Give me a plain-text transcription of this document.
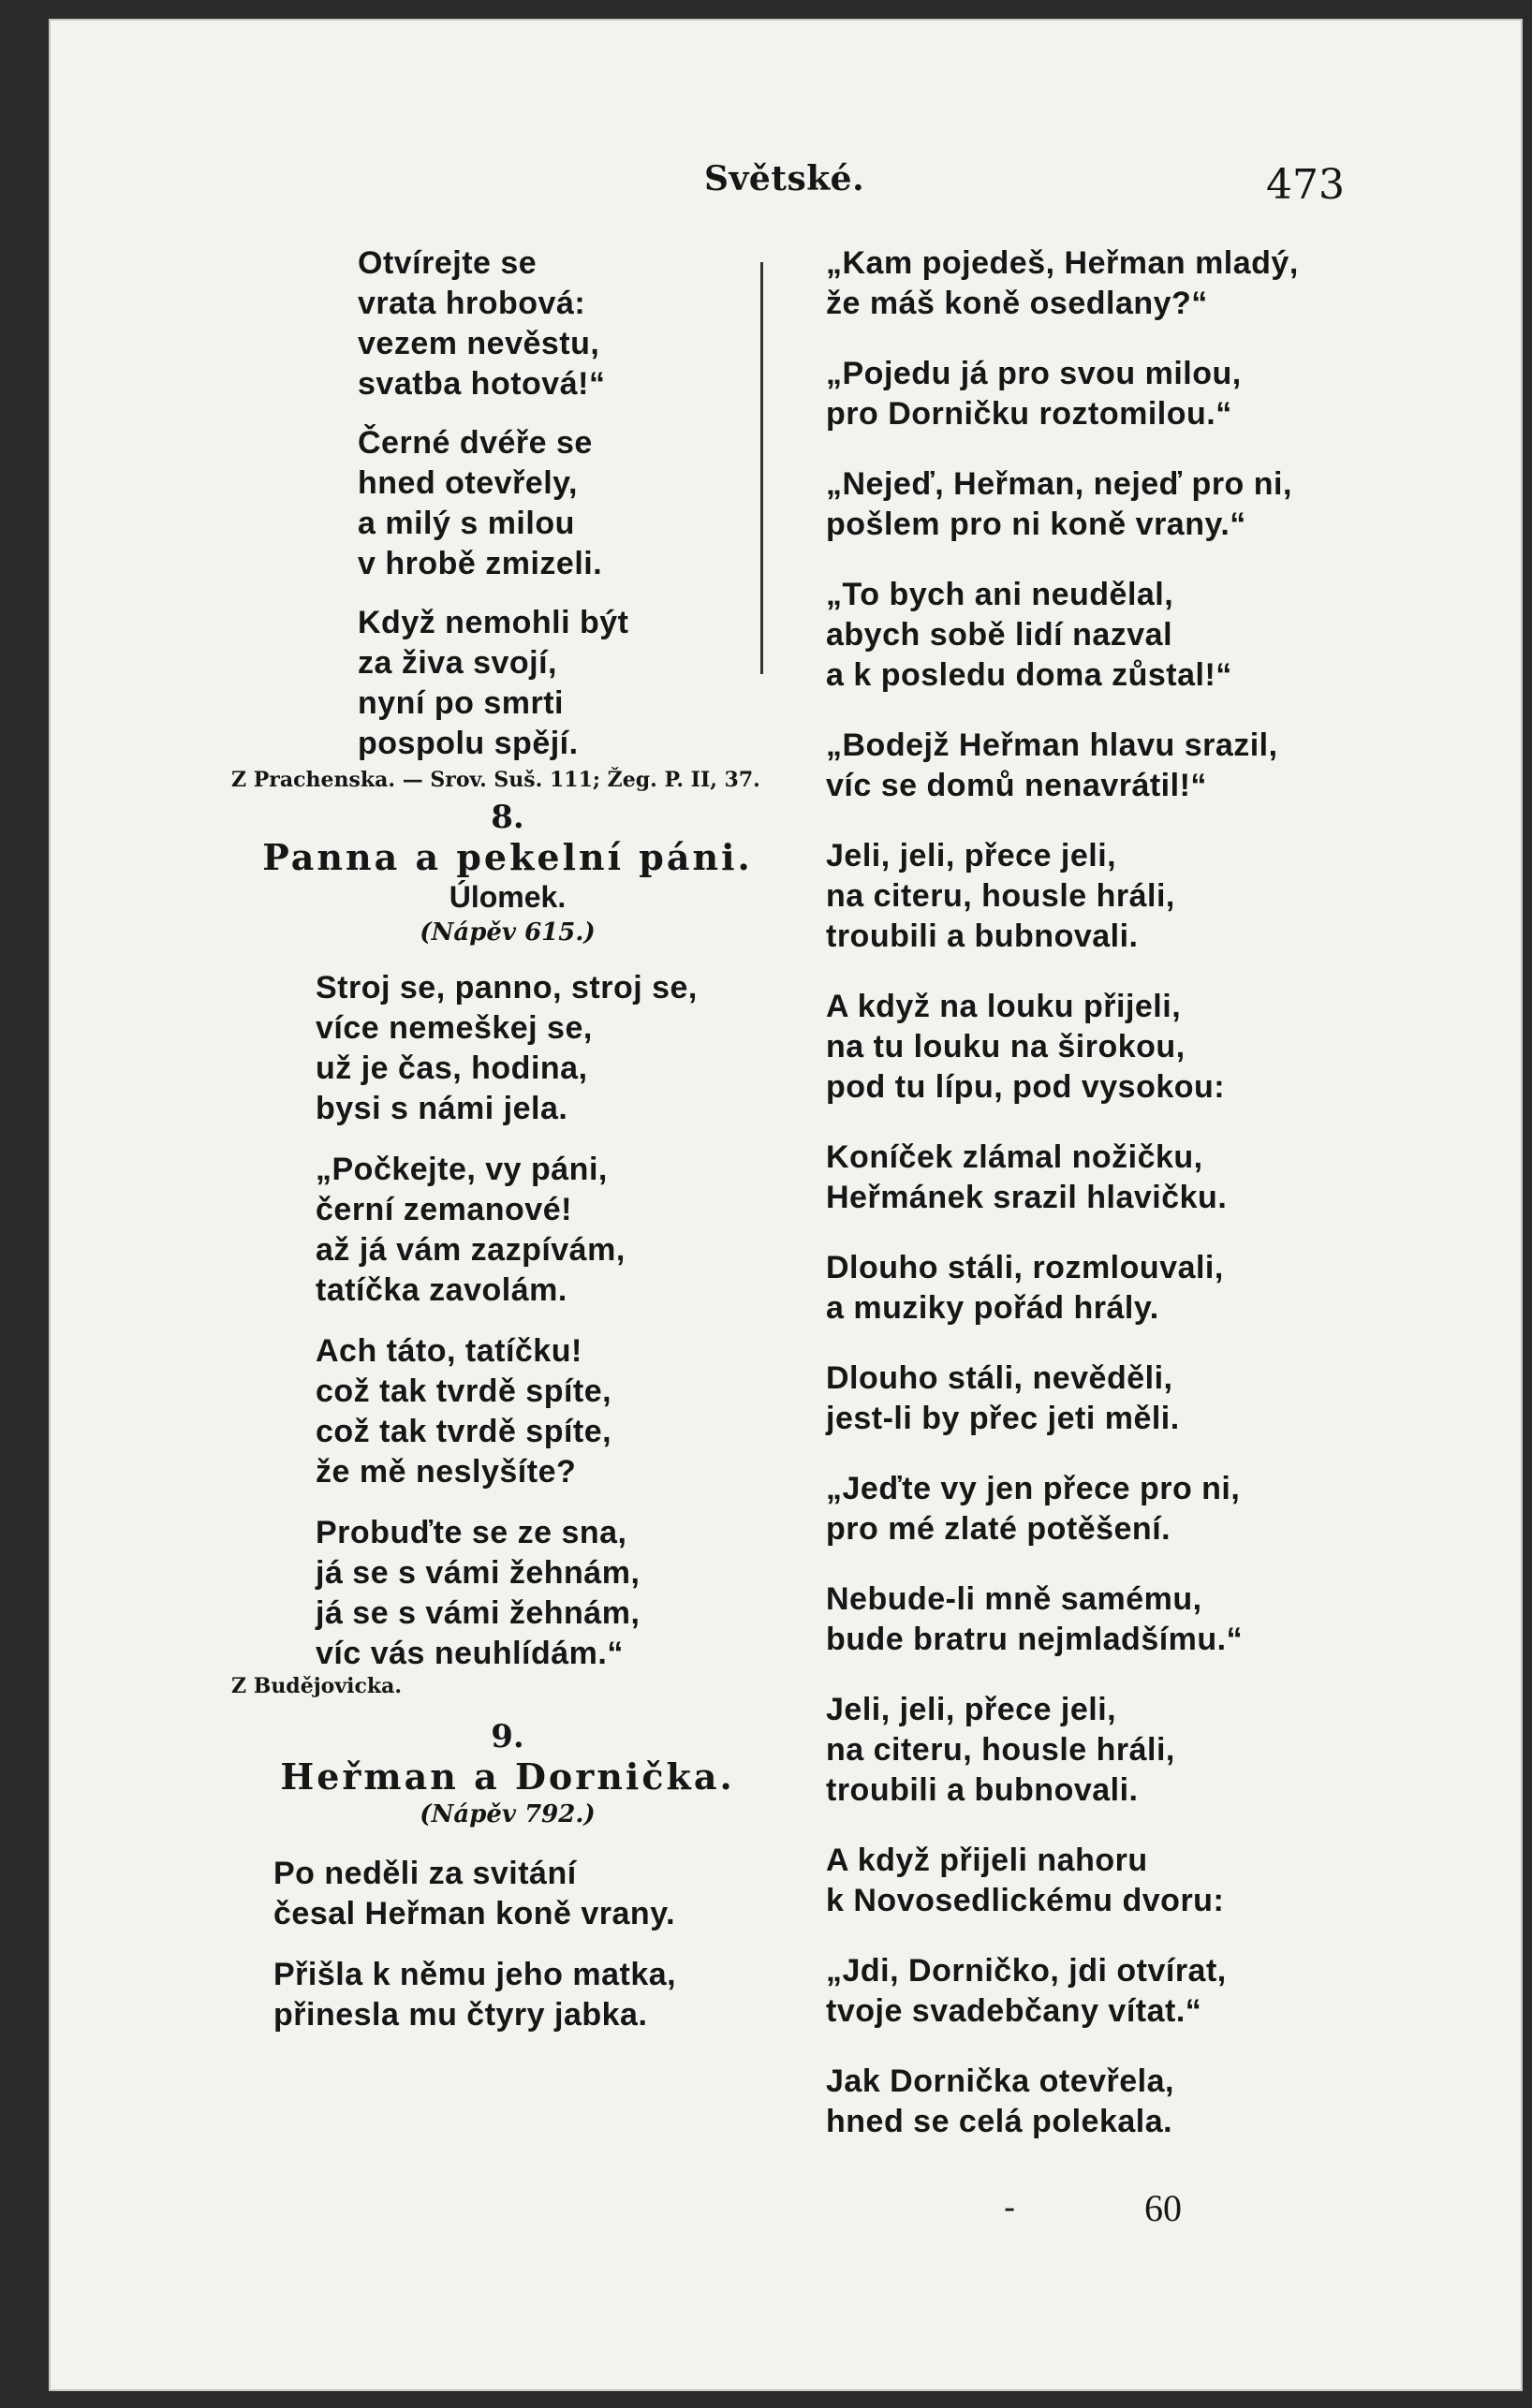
Světské.	473
Otvírejte se
vrata hrobová:
vezem nevěstu,
svatba hotová!“
Černé dvéře se
hned otevřely,
a milý s milou
v hrobě zmizeli.
Když nemohli být
za živa svojí,
nyní po smrti
pospolu spějí.
Z Prachenska. — Srov. Suš. 111; Žeg. P. II, 37.
8.
Panna a pekelní páni.
Úlomek.
(Nápěv 615.)
Stroj se, panno, stroj se,
více nemeškej se,
už je čas, hodina,
bysi s námi jela.
„Počkejte, vy páni,
černí zemanové!
až já vám zazpívám,
tatíčka zavolám.
Ach táto, tatíčku!
což tak tvrdě spíte,
což tak tvrdě spíte,
že mě neslyšíte?
Probuďte se ze sna,
já se s vámi žehnám,
já se s vámi žehnám,
víc vás neuhlídám.“
Z Budějovicka.
9.
Heřman a Dornička.
(Nápěv 792.)
Po neděli za svitání
česal Heřman koně vrany.
Přišla k němu jeho matka,
přinesla mu čtyry jabka.
„Kam pojedeš, Heřman mladý,
že máš koně osedlany?“
„Pojedu já pro svou milou,
pro Dorničku roztomilou.“
„Nejeď, Heřman, nejeď pro ni,
pošlem pro ni koně vrany.“
„To bych ani neudělal,
abych sobě lidí nazval
a k posledu doma zůstal!“
„Bodejž Heřman hlavu srazil,
víc se domů nenavrátil!“
Jeli, jeli, přece jeli,
na citeru, housle hráli,
troubili a bubnovali.
A když na louku přijeli,
na tu louku na širokou,
pod tu lípu, pod vysokou:
Koníček zlámal nožičku,
Heřmánek srazil hlavičku.
Dlouho stáli, rozmlouvali,
a muziky pořád hrály.
Dlouho stáli, nevěděli,
jest-li by přec jeti měli.
„Jeďte vy jen přece pro ni,
pro mé zlaté potěšení.
Nebude-li mně samému,
bude bratru nejmladšímu.“
Jeli, jeli, přece jeli,
na citeru, housle hráli,
troubili a bubnovali.
A když přijeli nahoru
k Novosedlickému dvoru:
„Jdi, Dorničko, jdi otvírat,
tvoje svadebčany vítat.“
Jak Dornička otevřela,
hned se celá polekala.
-	60
